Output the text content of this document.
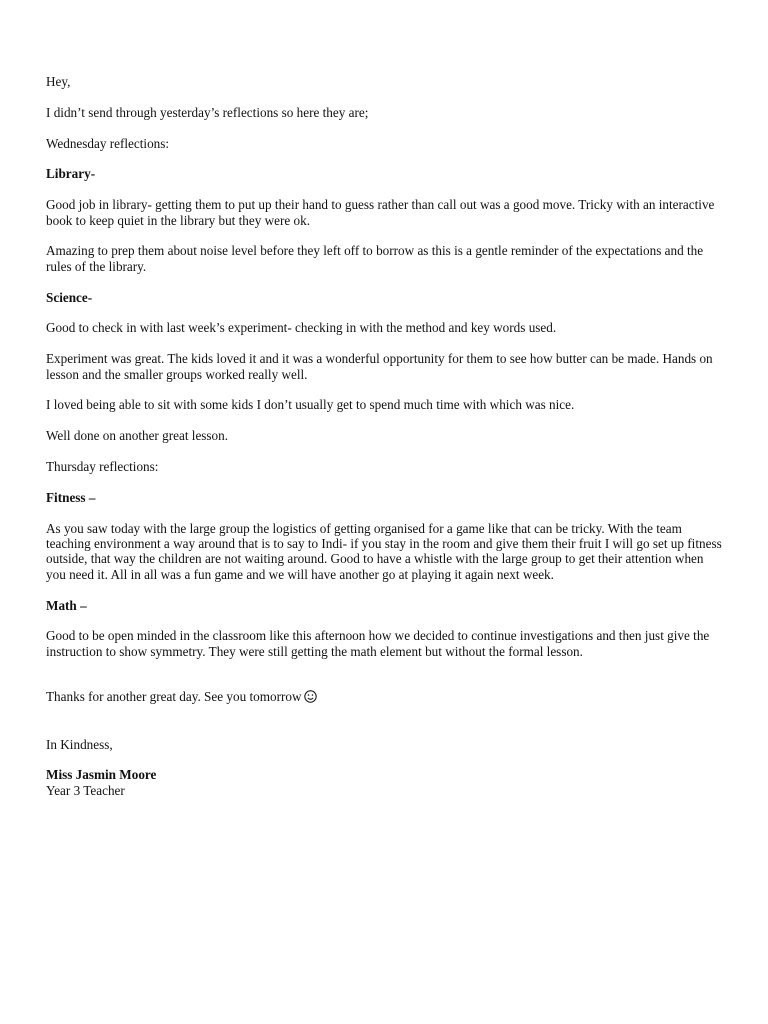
Hey,

I didn’t send through yesterday’s reflections so here they are;

Wednesday reflections:

Library-

Good job in library- getting them to put up their hand to guess rather than call out was a good move. Tricky with an interactive book to keep quiet in the library but they were ok.

Amazing to prep them about noise level before they left off to borrow as this is a gentle reminder of the expectations and the rules of the library.

Science-

Good to check in with last week’s experiment- checking in with the method and key words used.

Experiment was great. The kids loved it and it was a wonderful opportunity for them to see how butter can be made. Hands on lesson and the smaller groups worked really well.

I loved being able to sit with some kids I don’t usually get to spend much time with which was nice.

Well done on another great lesson.

Thursday reflections:

Fitness –

As you saw today with the large group the logistics of getting organised for a game like that can be tricky. With the team teaching environment a way around that is to say to Indi- if you stay in the room and give them their fruit I will go set up fitness outside, that way the children are not waiting around. Good to have a whistle with the large group to get their attention when you need it. All in all was a fun game and we will have another go at playing it again next week.

Math –

Good to be open minded in the classroom like this afternoon how we decided to continue investigations and then just give the instruction to show symmetry. They were still getting the math element but without the formal lesson.

Thanks for another great day. See you tomorrow

In Kindness,

Miss Jasmin Moore
Year 3 Teacher
